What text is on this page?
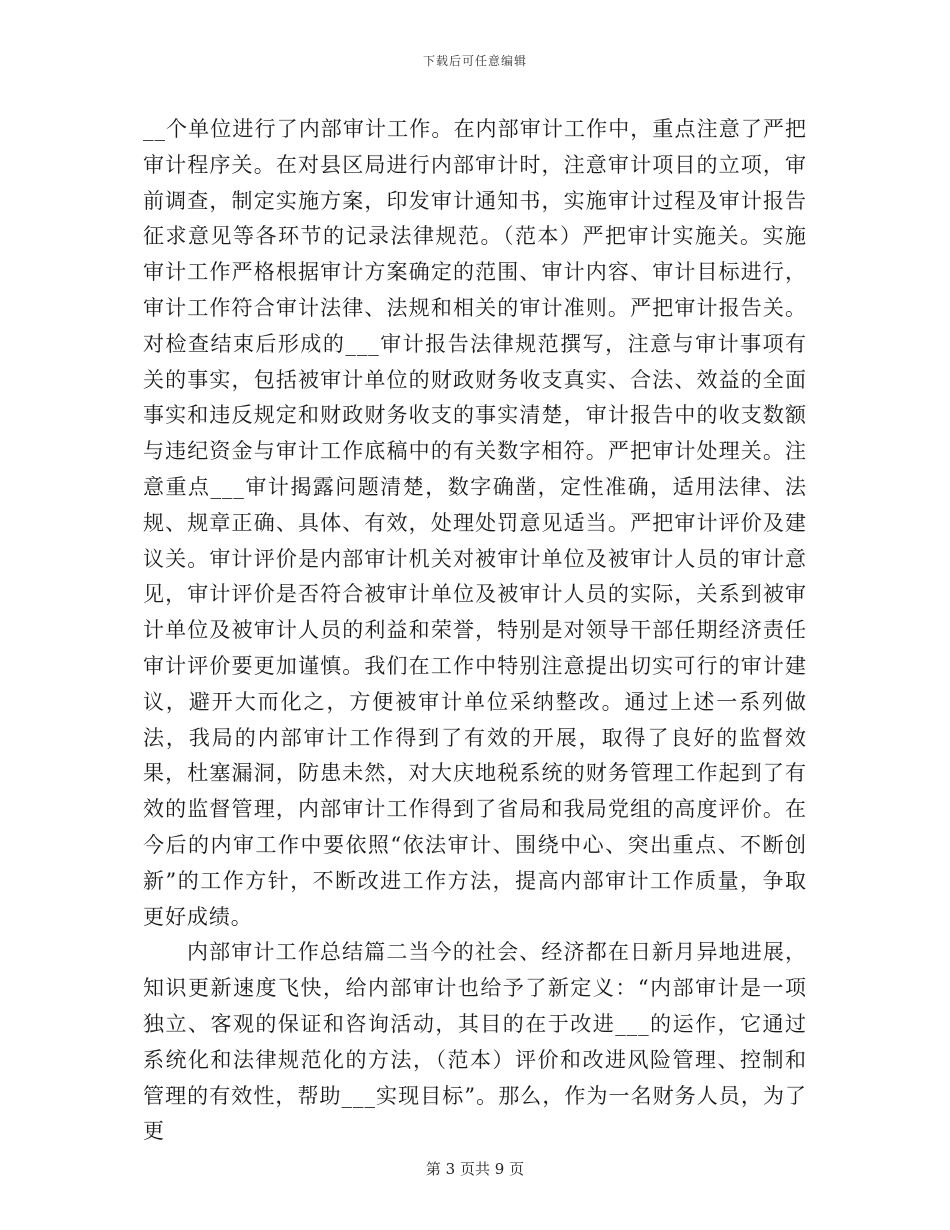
下载后可任意编辑

__个单位进行了内部审计工作。在内部审计工作中，重点注意了严把审计程序关。在对县区局进行内部审计时，注意审计项目的立项，审前调查，制定实施方案，印发审计通知书，实施审计过程及审计报告征求意见等各环节的记录法律规范。（范本）严把审计实施关。实施审计工作严格根据审计方案确定的范围、审计内容、审计目标进行，审计工作符合审计法律、法规和相关的审计准则。严把审计报告关。对检查结束后形成的___审计报告法律规范撰写，注意与审计事项有关的事实，包括被审计单位的财政财务收支真实、合法、效益的全面事实和违反规定和财政财务收支的事实清楚，审计报告中的收支数额与违纪资金与审计工作底稿中的有关数字相符。严把审计处理关。注意重点___审计揭露问题清楚，数字确凿，定性准确，适用法律、法规、规章正确、具体、有效，处理处罚意见适当。严把审计评价及建议关。审计评价是内部审计机关对被审计单位及被审计人员的审计意见，审计评价是否符合被审计单位及被审计人员的实际，关系到被审计单位及被审计人员的利益和荣誉，特别是对领导干部任期经济责任审计评价要更加谨慎。我们在工作中特别注意提出切实可行的审计建议，避开大而化之，方便被审计单位采纳整改。通过上述一系列做法，我局的内部审计工作得到了有效的开展，取得了良好的监督效果，杜塞漏洞，防患未然，对大庆地税系统的财务管理工作起到了有效的监督管理，内部审计工作得到了省局和我局党组的高度评价。在今后的内审工作中要依照“依法审计、围绕中心、突出重点、不断创新”的工作方针，不断改进工作方法，提高内部审计工作质量，争取更好成绩。

内部审计工作总结篇二当今的社会、经济都在日新月异地进展，知识更新速度飞快，给内部审计也给予了新定义：“内部审计是一项独立、客观的保证和咨询活动，其目的在于改进___的运作，它通过系统化和法律规范化的方法，（范本）评价和改进风险管理、控制和管理的有效性，帮助___实现目标”。那么，作为一名财务人员，为了更

第 3 页共 9 页
